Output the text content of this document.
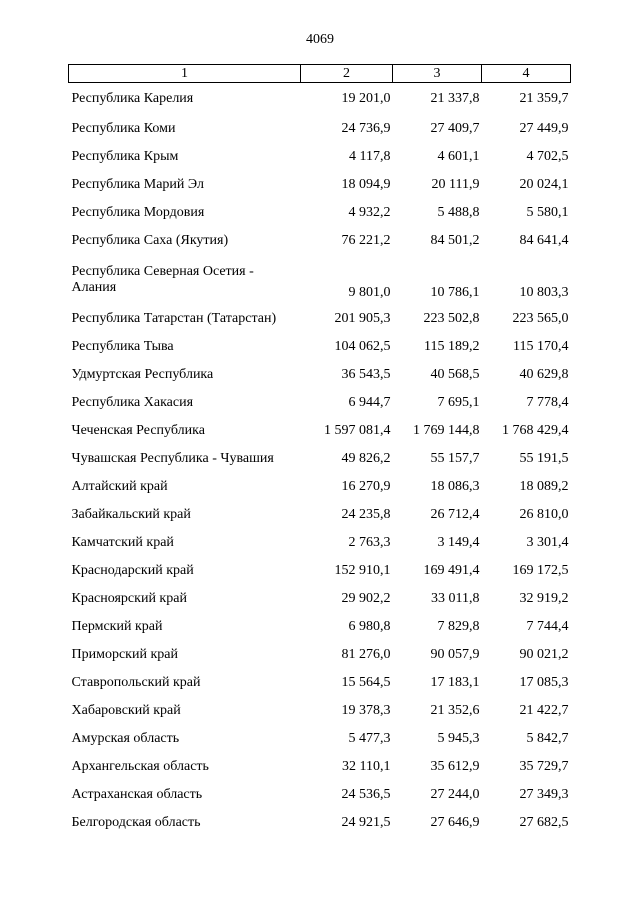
4069
1	2	3	4
Республика Карелия	19 201,0	21 337,8	21 359,7
Республика Коми	24 736,9	27 409,7	27 449,9
Республика Крым	4 117,8	4 601,1	4 702,5
Республика Марий Эл	18 094,9	20 111,9	20 024,1
Республика Мордовия	4 932,2	5 488,8	5 580,1
Республика Саха (Якутия)	76 221,2	84 501,2	84 641,4
Республика Северная Осетия - Алания	9 801,0	10 786,1	10 803,3
Республика Татарстан (Татарстан)	201 905,3	223 502,8	223 565,0
Республика Тыва	104 062,5	115 189,2	115 170,4
Удмуртская Республика	36 543,5	40 568,5	40 629,8
Республика Хакасия	6 944,7	7 695,1	7 778,4
Чеченская Республика	1 597 081,4	1 769 144,8	1 768 429,4
Чувашская Республика - Чувашия	49 826,2	55 157,7	55 191,5
Алтайский край	16 270,9	18 086,3	18 089,2
Забайкальский край	24 235,8	26 712,4	26 810,0
Камчатский край	2 763,3	3 149,4	3 301,4
Краснодарский край	152 910,1	169 491,4	169 172,5
Красноярский край	29 902,2	33 011,8	32 919,2
Пермский край	6 980,8	7 829,8	7 744,4
Приморский край	81 276,0	90 057,9	90 021,2
Ставропольский край	15 564,5	17 183,1	17 085,3
Хабаровский край	19 378,3	21 352,6	21 422,7
Амурская область	5 477,3	5 945,3	5 842,7
Архангельская область	32 110,1	35 612,9	35 729,7
Астраханская область	24 536,5	27 244,0	27 349,3
Белгородская область	24 921,5	27 646,9	27 682,5
